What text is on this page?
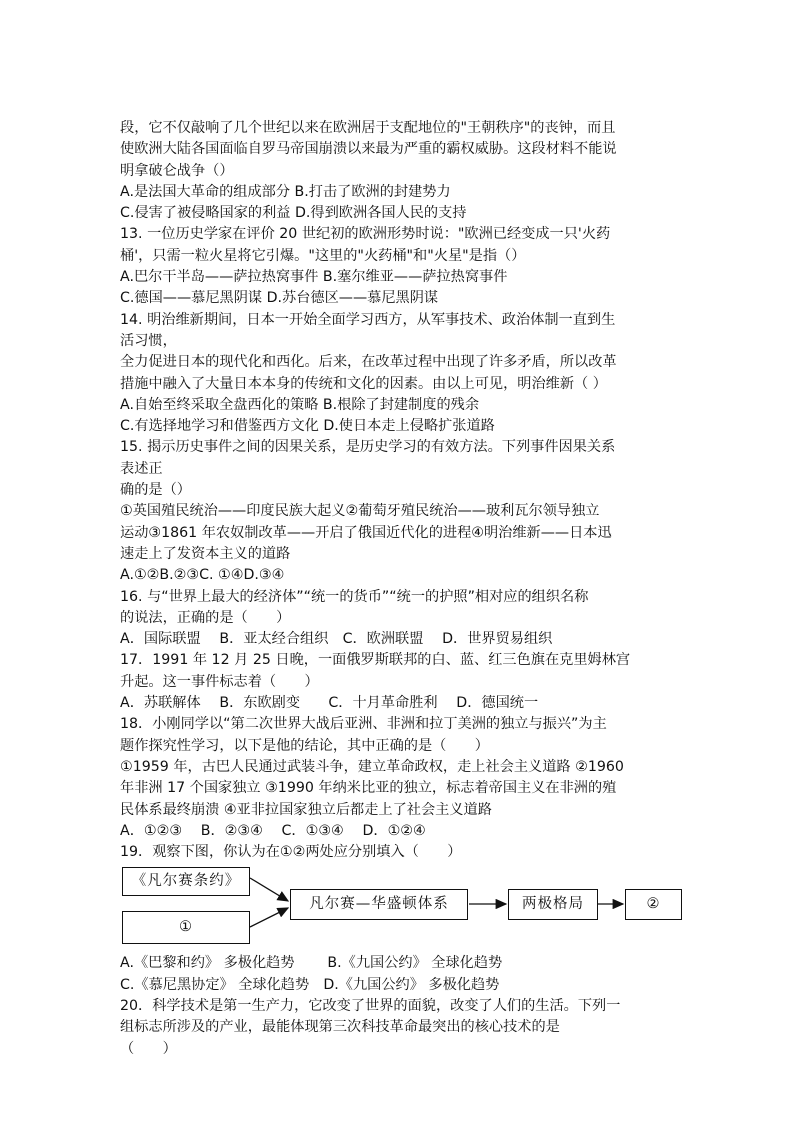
段，它不仅敲响了几个世纪以来在欧洲居于支配地位的"王朝秩序"的丧钟，而且

使欧洲大陆各国面临自罗马帝国崩溃以来最为严重的霸权威胁。这段材料不能说

明拿破仑战争（）

A.是法国大革命的组成部分 B.打击了欧洲的封建势力

C.侵害了被侵略国家的利益 D.得到欧洲各国人民的支持

13. 一位历史学家在评价 20 世纪初的欧洲形势时说："欧洲已经变成一只'火药

桶'，只需一粒火星将它引爆。"这里的"火药桶"和"火星"是指（）

A.巴尔干半岛——萨拉热窝事件 B.塞尔维亚——萨拉热窝事件

C.德国——慕尼黑阴谋 D.苏台德区——慕尼黑阴谋

14. 明治维新期间，日本一开始全面学习西方，从军事技术、政治体制一直到生

活习惯，

全力促进日本的现代化和西化。后来，在改革过程中出现了许多矛盾，所以改革

措施中融入了大量日本本身的传统和文化的因素。由以上可见，明治维新（ ）

A.自始至终采取全盘西化的策略 B.根除了封建制度的残余

C.有选择地学习和借鉴西方文化 D.使日本走上侵略扩张道路

15. 揭示历史事件之间的因果关系，是历史学习的有效方法。下列事件因果关系

表述正

确的是（）

①英国殖民统治——印度民族大起义②葡萄牙殖民统治——玻利瓦尔领导独立

运动③1861 年农奴制改革——开启了俄国近代化的进程④明治维新——日本迅

速走上了发资本主义的道路

A.①②B.②③C. ①④D.③④

16. 与“世界上最大的经济体”“统一的货币”“统一的护照”相对应的组织名称

的说法，正确的是（　　）

A．国际联盟　 B．亚太经合组织　C．欧洲联盟　 D．世界贸易组织

17．1991 年 12 月 25 日晚，一面俄罗斯联邦的白、蓝、红三色旗在克里姆林宫

升起。这一事件标志着（　　）

A．苏联解体　 B．东欧剧变　　C．十月革命胜利　 D．德国统一

18．小刚同学以“第二次世界大战后亚洲、非洲和拉丁美洲的独立与振兴”为主

题作探究性学习，以下是他的结论，其中正确的是（　　）

①1959 年，古巴人民通过武装斗争，建立革命政权，走上社会主义道路 ②1960

年非洲 17 个国家独立 ③1990 年纳米比亚的独立，标志着帝国主义在非洲的殖

民体系最终崩溃 ④亚非拉国家独立后都走上了社会主义道路

A．①②③　 B．②③④　 C．①③④　 D．①②④

19．观察下图，你认为在①②两处应分别填入（　　）

《凡尔赛条约》
①
凡尔赛—华盛顿体系	两极格局	②

A.《巴黎和约》 多极化趋势　　 B.《九国公约》 全球化趋势

C.《慕尼黑协定》 全球化趋势　D.《九国公约》 多极化趋势

20．科学技术是第一生产力，它改变了世界的面貌，改变了人们的生活。下列一

组标志所涉及的产业，最能体现第三次科技革命最突出的核心技术的是

（　　）
